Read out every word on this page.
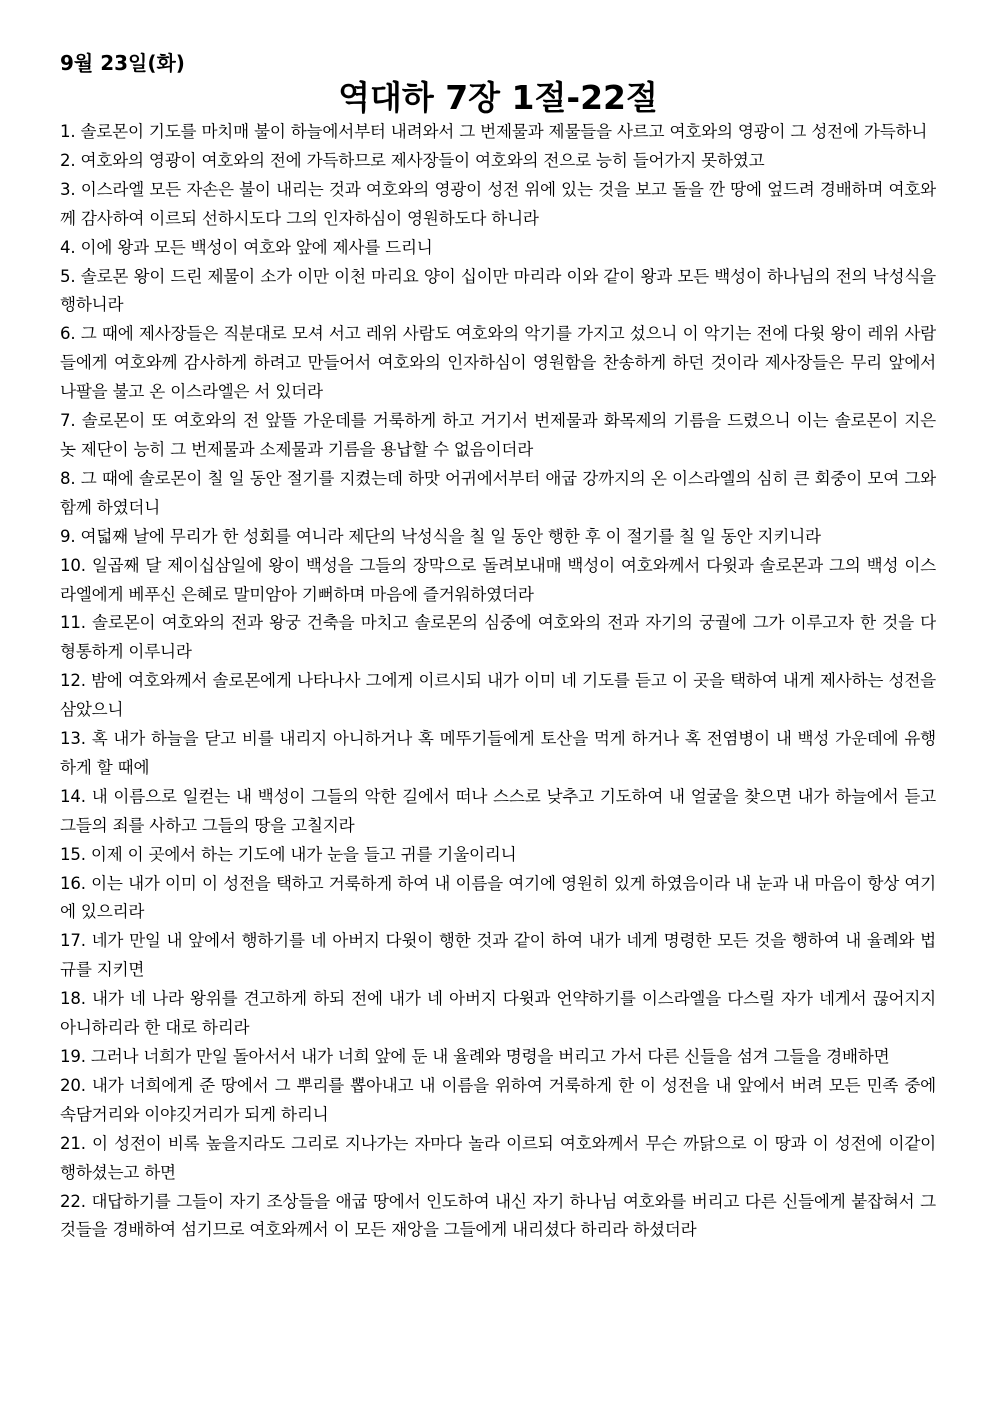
9월 23일(화)
역대하 7장 1절-22절

1. 솔로몬이 기도를 마치매 불이 하늘에서부터 내려와서 그 번제물과 제물들을 사르고 여호와의 영광이 그 성전에 가득하니

2. 여호와의 영광이 여호와의 전에 가득하므로 제사장들이 여호와의 전으로 능히 들어가지 못하였고

3. 이스라엘 모든 자손은 불이 내리는 것과 여호와의 영광이 성전 위에 있는 것을 보고 돌을 깐 땅에 엎드려 경배하며 여호와께 감사하여 이르되 선하시도다 그의 인자하심이 영원하도다 하니라

4. 이에 왕과 모든 백성이 여호와 앞에 제사를 드리니

5. 솔로몬 왕이 드린 제물이 소가 이만 이천 마리요 양이 십이만 마리라 이와 같이 왕과 모든 백성이 하나님의 전의 낙성식을 행하니라

6. 그 때에 제사장들은 직분대로 모셔 서고 레위 사람도 여호와의 악기를 가지고 섰으니 이 악기는 전에 다윗 왕이 레위 사람들에게 여호와께 감사하게 하려고 만들어서 여호와의 인자하심이 영원함을 찬송하게 하던 것이라 제사장들은 무리 앞에서 나팔을 불고 온 이스라엘은 서 있더라

7. 솔로몬이 또 여호와의 전 앞뜰 가운데를 거룩하게 하고 거기서 번제물과 화목제의 기름을 드렸으니 이는 솔로몬이 지은 놋 제단이 능히 그 번제물과 소제물과 기름을 용납할 수 없음이더라

8. 그 때에 솔로몬이 칠 일 동안 절기를 지켰는데 하맛 어귀에서부터 애굽 강까지의 온 이스라엘의 심히 큰 회중이 모여 그와 함께 하였더니

9. 여덟째 날에 무리가 한 성회를 여니라 제단의 낙성식을 칠 일 동안 행한 후 이 절기를 칠 일 동안 지키니라

10. 일곱째 달 제이십삼일에 왕이 백성을 그들의 장막으로 돌려보내매 백성이 여호와께서 다윗과 솔로몬과 그의 백성 이스라엘에게 베푸신 은혜로 말미암아 기뻐하며 마음에 즐거워하였더라

11. 솔로몬이 여호와의 전과 왕궁 건축을 마치고 솔로몬의 심중에 여호와의 전과 자기의 궁궐에 그가 이루고자 한 것을 다 형통하게 이루니라

12. 밤에 여호와께서 솔로몬에게 나타나사 그에게 이르시되 내가 이미 네 기도를 듣고 이 곳을 택하여 내게 제사하는 성전을 삼았으니

13. 혹 내가 하늘을 닫고 비를 내리지 아니하거나 혹 메뚜기들에게 토산을 먹게 하거나 혹 전염병이 내 백성 가운데에 유행하게 할 때에

14. 내 이름으로 일컫는 내 백성이 그들의 악한 길에서 떠나 스스로 낮추고 기도하여 내 얼굴을 찾으면 내가 하늘에서 듣고 그들의 죄를 사하고 그들의 땅을 고칠지라

15. 이제 이 곳에서 하는 기도에 내가 눈을 들고 귀를 기울이리니

16. 이는 내가 이미 이 성전을 택하고 거룩하게 하여 내 이름을 여기에 영원히 있게 하였음이라 내 눈과 내 마음이 항상 여기에 있으리라

17. 네가 만일 내 앞에서 행하기를 네 아버지 다윗이 행한 것과 같이 하여 내가 네게 명령한 모든 것을 행하여 내 율례와 법규를 지키면

18. 내가 네 나라 왕위를 견고하게 하되 전에 내가 네 아버지 다윗과 언약하기를 이스라엘을 다스릴 자가 네게서 끊어지지 아니하리라 한 대로 하리라

19. 그러나 너희가 만일 돌아서서 내가 너희 앞에 둔 내 율례와 명령을 버리고 가서 다른 신들을 섬겨 그들을 경배하면

20. 내가 너희에게 준 땅에서 그 뿌리를 뽑아내고 내 이름을 위하여 거룩하게 한 이 성전을 내 앞에서 버려 모든 민족 중에 속담거리와 이야깃거리가 되게 하리니

21. 이 성전이 비록 높을지라도 그리로 지나가는 자마다 놀라 이르되 여호와께서 무슨 까닭으로 이 땅과 이 성전에 이같이 행하셨는고 하면

22. 대답하기를 그들이 자기 조상들을 애굽 땅에서 인도하여 내신 자기 하나님 여호와를 버리고 다른 신들에게 붙잡혀서 그것들을 경배하여 섬기므로 여호와께서 이 모든 재앙을 그들에게 내리셨다 하리라 하셨더라
